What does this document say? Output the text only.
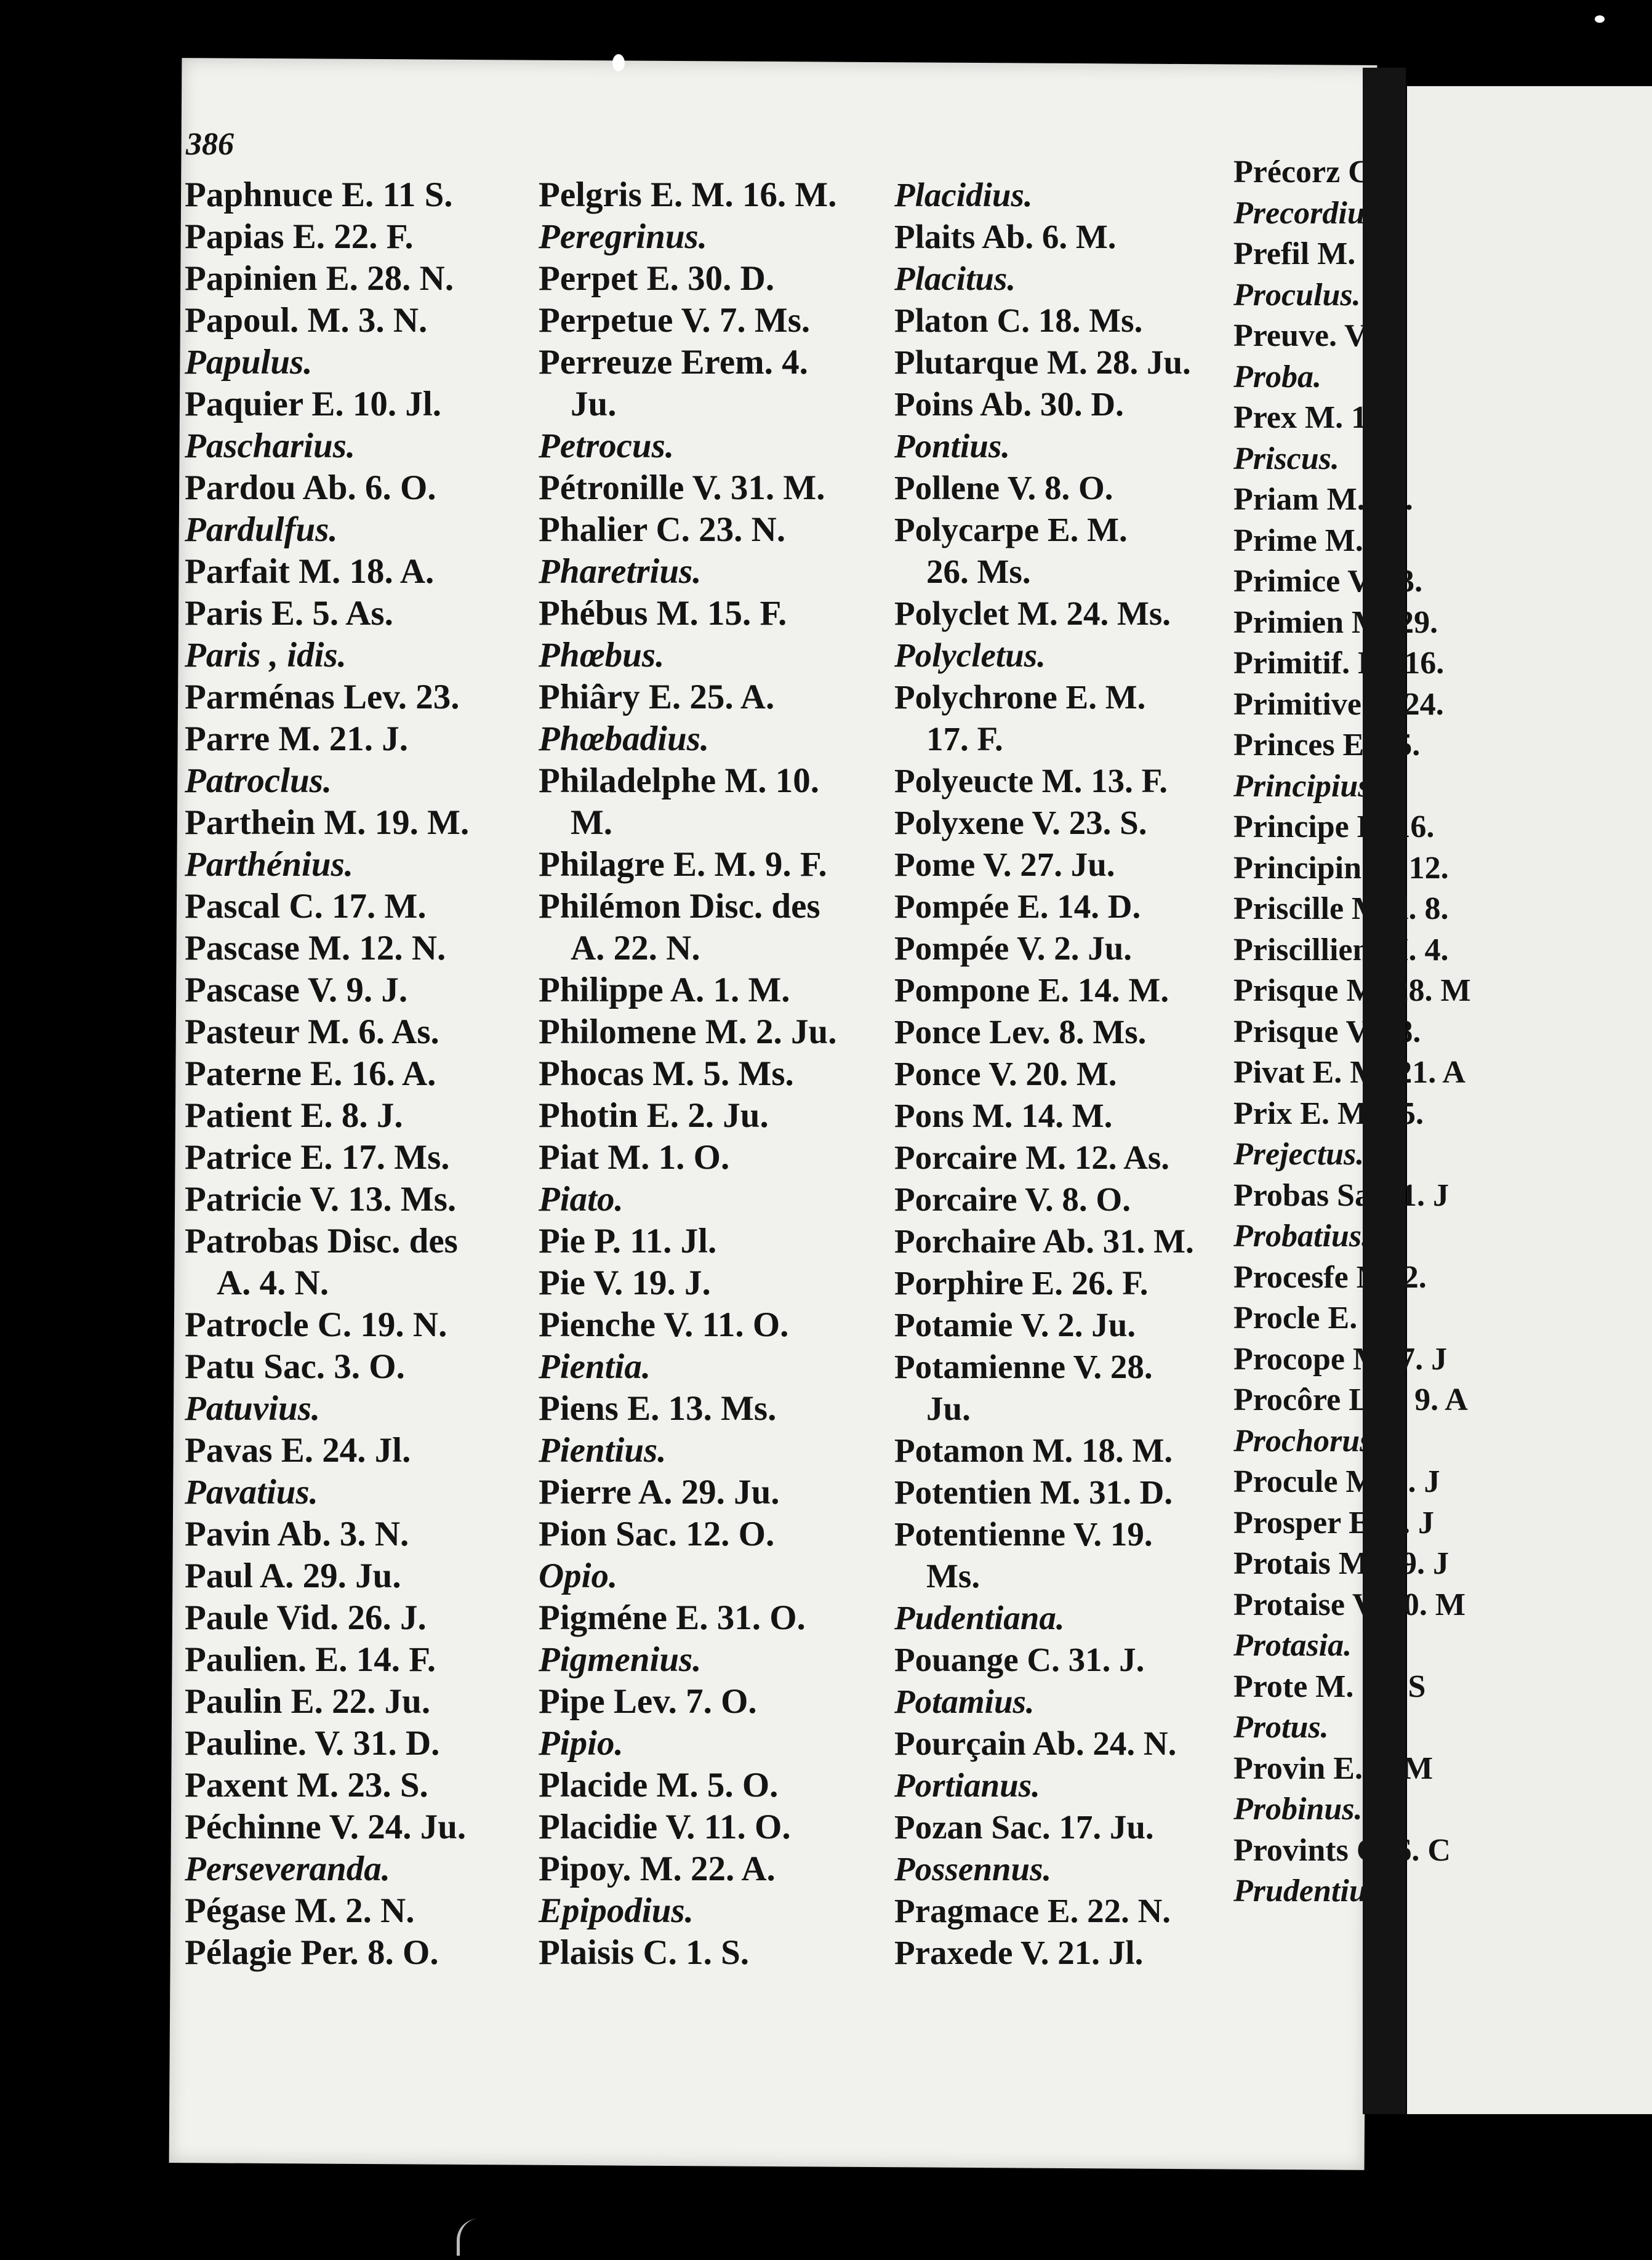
386
Paphnuce E. 11 S.
Papias E. 22. F.
Papinien E. 28. N.
Papoul. M. 3. N.
Papulus.
Paquier E. 10. Jl.
Pascharius.
Pardou Ab. 6. O.
Pardulfus.
Parfait M. 18. A.
Paris E. 5. As.
Paris , idis.
Parménas Lev. 23.
Parre M. 21. J.
Patroclus.
Parthein M. 19. M.
Parthénius.
Pascal C. 17. M.
Pascase M. 12. N.
Pascase V. 9. J.
Pasteur M. 6. As.
Paterne E. 16. A.
Patient E. 8. J.
Patrice E. 17. Ms.
Patricie V. 13. Ms.
Patrobas Disc. des
A. 4. N.
Patrocle C. 19. N.
Patu Sac. 3. O.
Patuvius.
Pavas E. 24. Jl.
Pavatius.
Pavin Ab. 3. N.
Paul A. 29. Ju.
Paule Vid. 26. J.
Paulien. E. 14. F.
Paulin E. 22. Ju.
Pauline. V. 31. D.
Paxent M. 23. S.
Péchinne V. 24. Ju.
Perseveranda.
Pégase M. 2. N.
Pélagie Per. 8. O.
Pelgris E. M. 16. M.
Peregrinus.
Perpet E. 30. D.
Perpetue V. 7. Ms.
Perreuze Erem. 4.
Ju.
Petrocus.
Pétronille V. 31. M.
Phalier C. 23. N.
Pharetrius.
Phébus M. 15. F.
Phœbus.
Phiâry E. 25. A.
Phœbadius.
Philadelphe M. 10.
M.
Philagre E. M. 9. F.
Philémon Disc. des
A. 22. N.
Philippe A. 1. M.
Philomene M. 2. Ju.
Phocas M. 5. Ms.
Photin E. 2. Ju.
Piat M. 1. O.
Piato.
Pie P. 11. Jl.
Pie V. 19. J.
Pienche V. 11. O.
Pientia.
Piens E. 13. Ms.
Pientius.
Pierre A. 29. Ju.
Pion Sac. 12. O.
Opio.
Pigméne E. 31. O.
Pigmenius.
Pipe Lev. 7. O.
Pipio.
Placide M. 5. O.
Placidie V. 11. O.
Pipoy. M. 22. A.
Epipodius.
Plaisis C. 1. S.
Placidius.
Plaits Ab. 6. M.
Placitus.
Platon C. 18. Ms.
Plutarque M. 28. Ju.
Poins Ab. 30. D.
Pontius.
Pollene V. 8. O.
Polycarpe E. M.
26. Ms.
Polyclet M. 24. Ms.
Polycletus.
Polychrone E. M.
17. F.
Polyeucte M. 13. F.
Polyxene V. 23. S.
Pome V. 27. Ju.
Pompée E. 14. D.
Pompée V. 2. Ju.
Pompone E. 14. M.
Ponce Lev. 8. Ms.
Ponce V. 20. M.
Pons M. 14. M.
Porcaire M. 12. As.
Porcaire V. 8. O.
Porchaire Ab. 31. M.
Porphire E. 26. F.
Potamie V. 2. Ju.
Potamienne V. 28.
Ju.
Potamon M. 18. M.
Potentien M. 31. D.
Potentienne V. 19.
Ms.
Pudentiana.
Pouange C. 31. J.
Potamius.
Pourçain Ab. 24. N.
Portianus.
Pozan Sac. 17. Ju.
Possennus.
Pragmace E. 22. N.
Praxede V. 21. Jl.
Précorz C. 1
Precordius.
Prefil M. 4
Proculus.
Preuve. V. 5
Proba.
Prex M. 16.
Priscus.
Priam M. 28.
Prime M. 9.
Primice V. 23.
Primien M. 29.
Primitif. M. 16.
Primitive V. 24.
Princes E. 25.
Principius.
Principe E. 16.
Principin C. 12.
Priscille Mul. 8.
Priscillien M. 4.
Prisque M. 28. M
Prisque V. 18.
Pivat E. M. 21. A
Prix E. M. 25.
Prejectus.
Probas Sac. 1. J
Probatius.
Procesfe M. 2.
Procle E. 24.
Procope M. 7. J
Procôre Lev. 9. A
Prochorus.
Procule M. 1. J
Prosper E. 9. J
Protais M. 19. J
Protaise V. 20. M
Protasia.
Prote M. 11. S
Protus.
Provin E. 8. M
Probinus.
Provints C. 6. C
Prudentius.
